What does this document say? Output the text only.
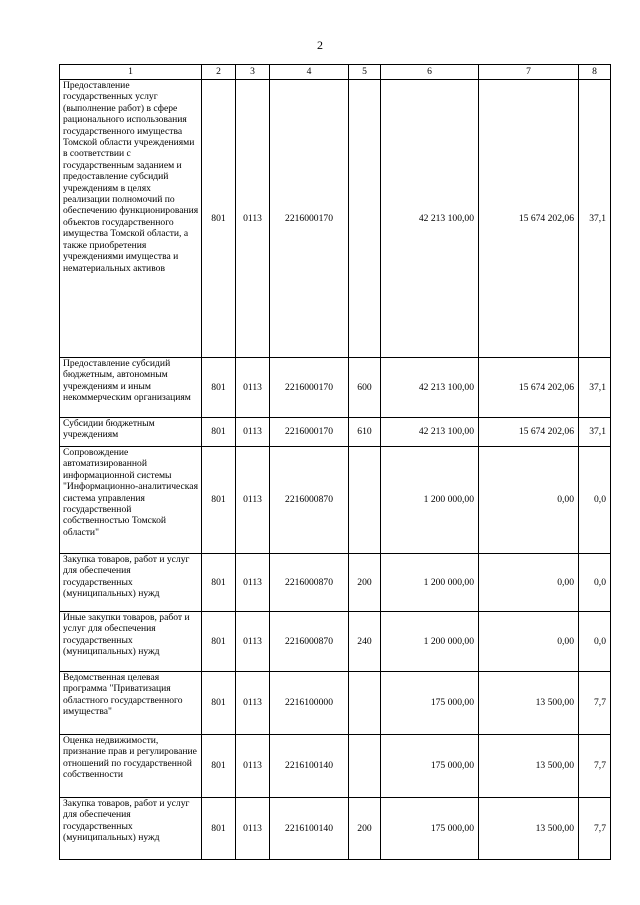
2
1	2	3	4	5	6	7	8
Предоставление государственных услуг (выполнение работ) в сфере рационального использования государственного имущества Томской области учреждениями в соответствии с государственным заданием и предоставление субсидий учреждениям в целях реализации полномочий по обеспечению функционирования объектов государственного имущества Томской области, а также приобретения учреждениями имущества и нематериальных активов	801	0113	2216000170		42 213 100,00	15 674 202,06	37,1
Предоставление субсидий бюджетным, автономным учреждениям и иным некоммерческим организациям	801	0113	2216000170	600	42 213 100,00	15 674 202,06	37,1
Субсидии бюджетным учреждениям	801	0113	2216000170	610	42 213 100,00	15 674 202,06	37,1
Сопровождение автоматизированной информационной системы "Информационно-аналитическая система управления государственной собственностью Томской области"	801	0113	2216000870		1 200 000,00	0,00	0,0
Закупка товаров, работ и услуг для обеспечения государственных (муниципальных) нужд	801	0113	2216000870	200	1 200 000,00	0,00	0,0
Иные закупки товаров, работ и услуг для обеспечения государственных (муниципальных) нужд	801	0113	2216000870	240	1 200 000,00	0,00	0,0
Ведомственная целевая программа "Приватизация областного государственного имущества"	801	0113	2216100000		175 000,00	13 500,00	7,7
Оценка недвижимости, признание прав и регулирование отношений по государственной собственности	801	0113	2216100140		175 000,00	13 500,00	7,7
Закупка товаров, работ и услуг для обеспечения государственных (муниципальных) нужд	801	0113	2216100140	200	175 000,00	13 500,00	7,7
